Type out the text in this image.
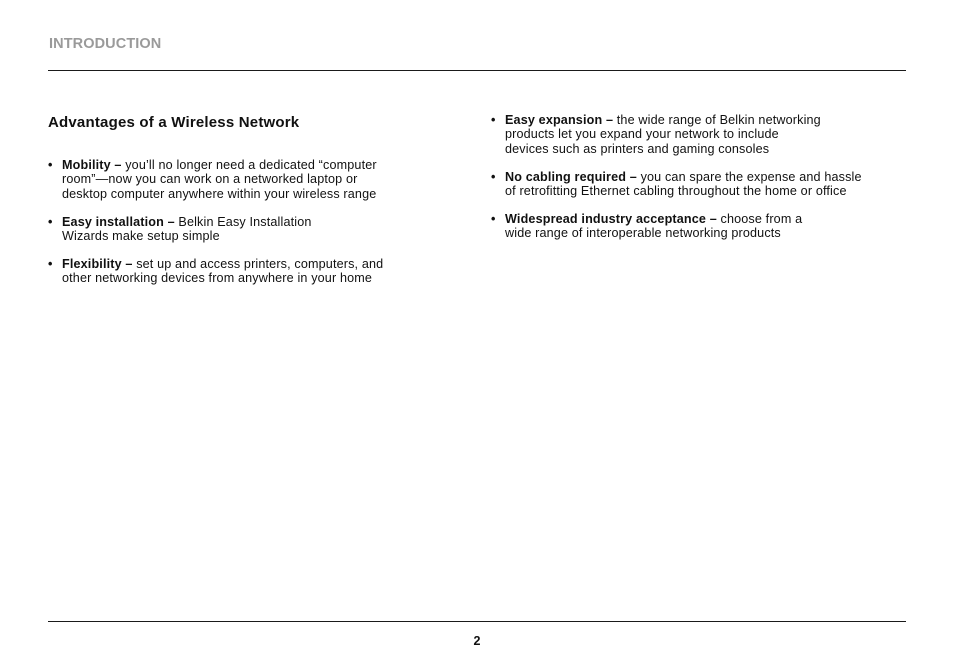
INTRODUCTION
Advantages of a Wireless Network
• Mobility – you’ll no longer need a dedicated “computer
room”—now you can work on a networked laptop or
desktop computer anywhere within your wireless range
• Easy installation – Belkin Easy Installation
Wizards make setup simple
• Flexibility – set up and access printers, computers, and
other networking devices from anywhere in your home
• Easy expansion – the wide range of Belkin networking
products let you expand your network to include
devices such as printers and gaming consoles
• No cabling required – you can spare the expense and hassle
of retrofitting Ethernet cabling throughout the home or office
• Widespread industry acceptance – choose from a
wide range of interoperable networking products
2
